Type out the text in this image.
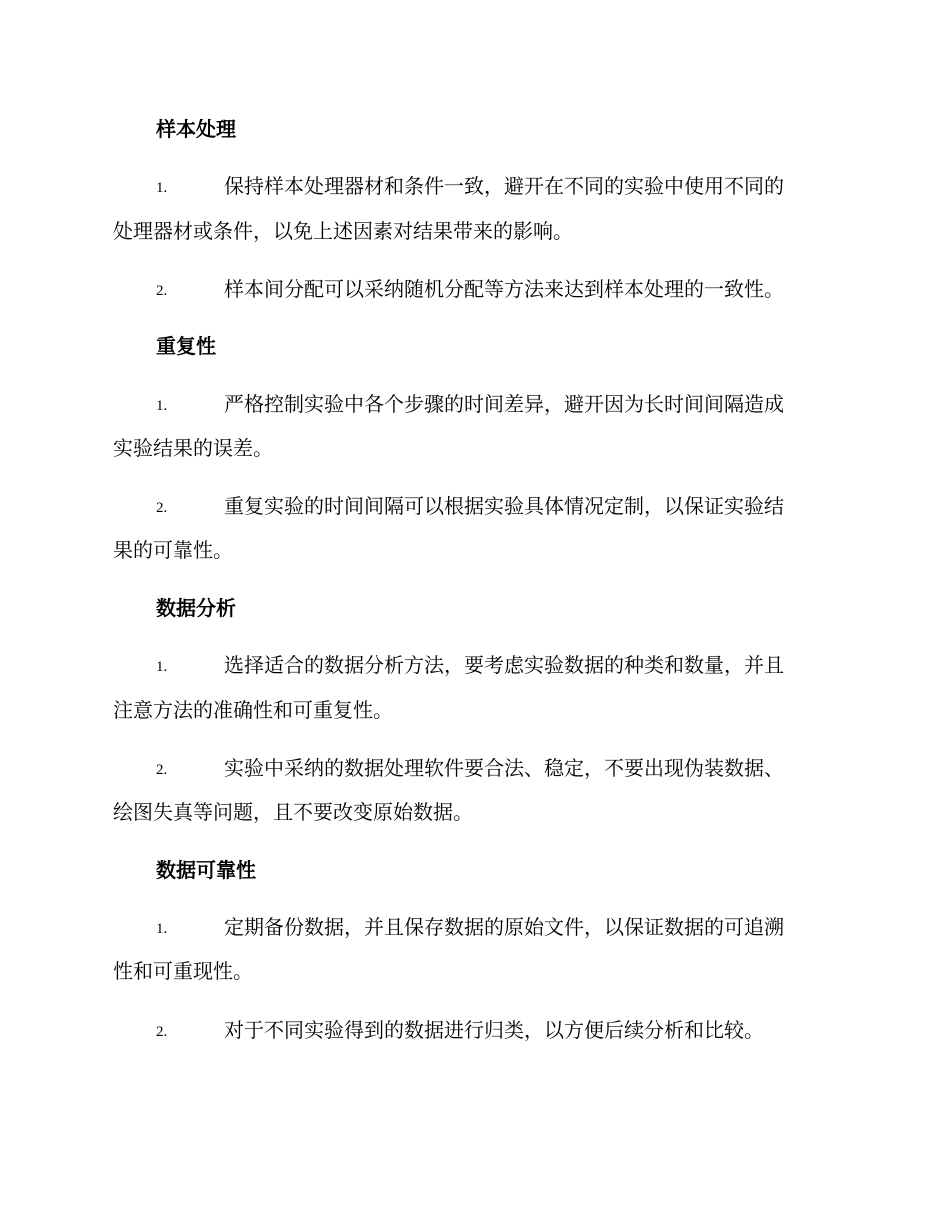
样本处理
1.	保持样本处理器材和条件一致，避开在不同的实验中使用不同的
处理器材或条件，以免上述因素对结果带来的影响。
2.	样本间分配可以采纳随机分配等方法来达到样本处理的一致性。
重复性
1.	严格控制实验中各个步骤的时间差异，避开因为长时间间隔造成
实验结果的误差。
2.	重复实验的时间间隔可以根据实验具体情况定制，以保证实验结
果的可靠性。
数据分析
1.	选择适合的数据分析方法，要考虑实验数据的种类和数量，并且
注意方法的准确性和可重复性。
2.	实验中采纳的数据处理软件要合法、稳定，不要出现伪装数据、
绘图失真等问题，且不要改变原始数据。
数据可靠性
1.	定期备份数据，并且保存数据的原始文件，以保证数据的可追溯
性和可重现性。
2.	对于不同实验得到的数据进行归类，以方便后续分析和比较。
